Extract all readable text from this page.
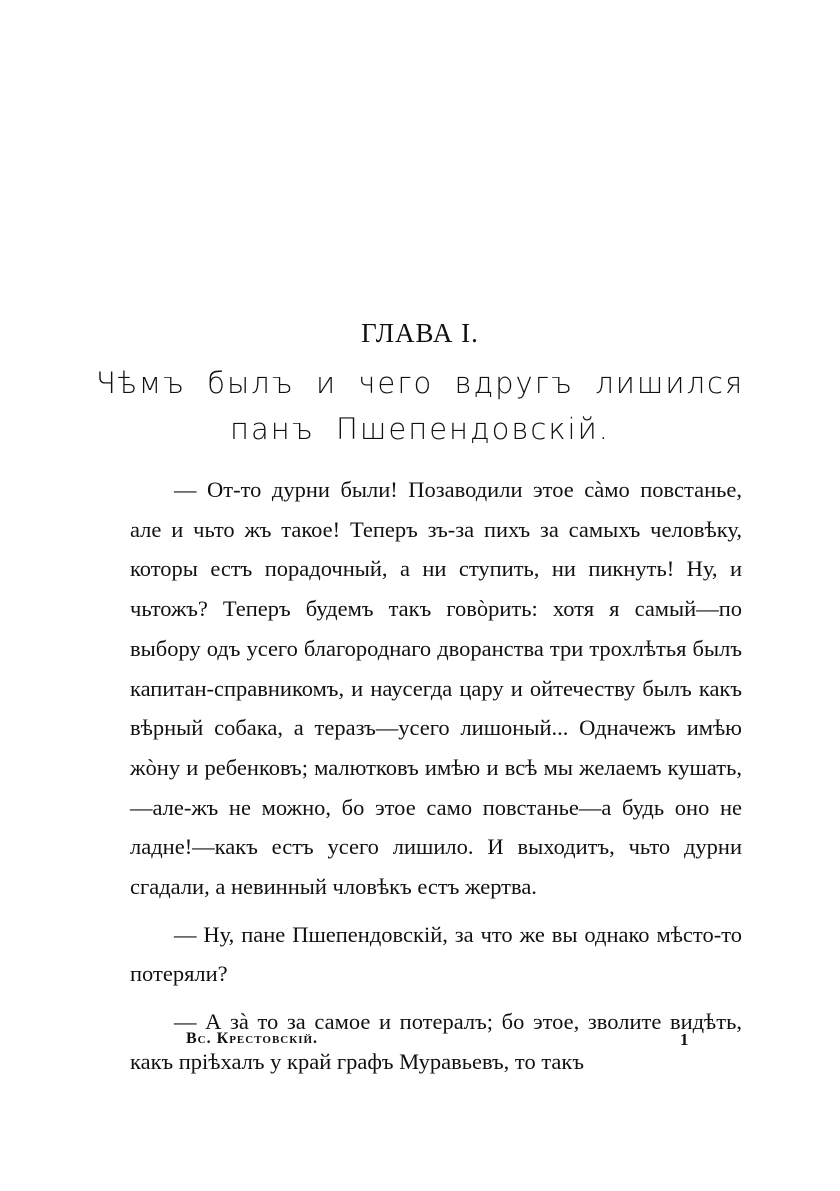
ГЛАВА I.
Чѣмъ былъ и чего вдругъ лишился
панъ Пшепендовскій.

— От-то дурни были! Позаводили этое сàмо повстанье, але и чьто жъ такое! Теперъ зъ-за пихъ за самыхъ человѣку, которы естъ порадочный, а ни ступить, ни пикнуть! Ну, и чьтожъ? Теперъ будемъ такъ говòрить: хотя я самый—по выбору одъ усего благороднаго дворанства три трохлѣтья былъ капитан-справникомъ, и наусегда цару и ойтечеству былъ какъ вѣрный собака, а теразъ—усего лишоный... Одначежъ имѣю жòну и ребенковъ; малютковъ имѣю и всѣ мы желаемъ кушать,—але-жъ не можно, бо этое само повстанье—а будь оно не ладне!—какъ естъ усего лишило. И выходитъ, чьто дурни сгадали, а невинный чловѣкъ естъ жертва.

— Ну, пане Пшепендовскій, за что же вы однако мѣсто-то потеряли?

— А зà то за самое и потералъ; бо этое, зволите видѣть, какъ пріѣхалъ у край графъ Муравьевъ, то такъ

Вс. Крестовскій.	1
